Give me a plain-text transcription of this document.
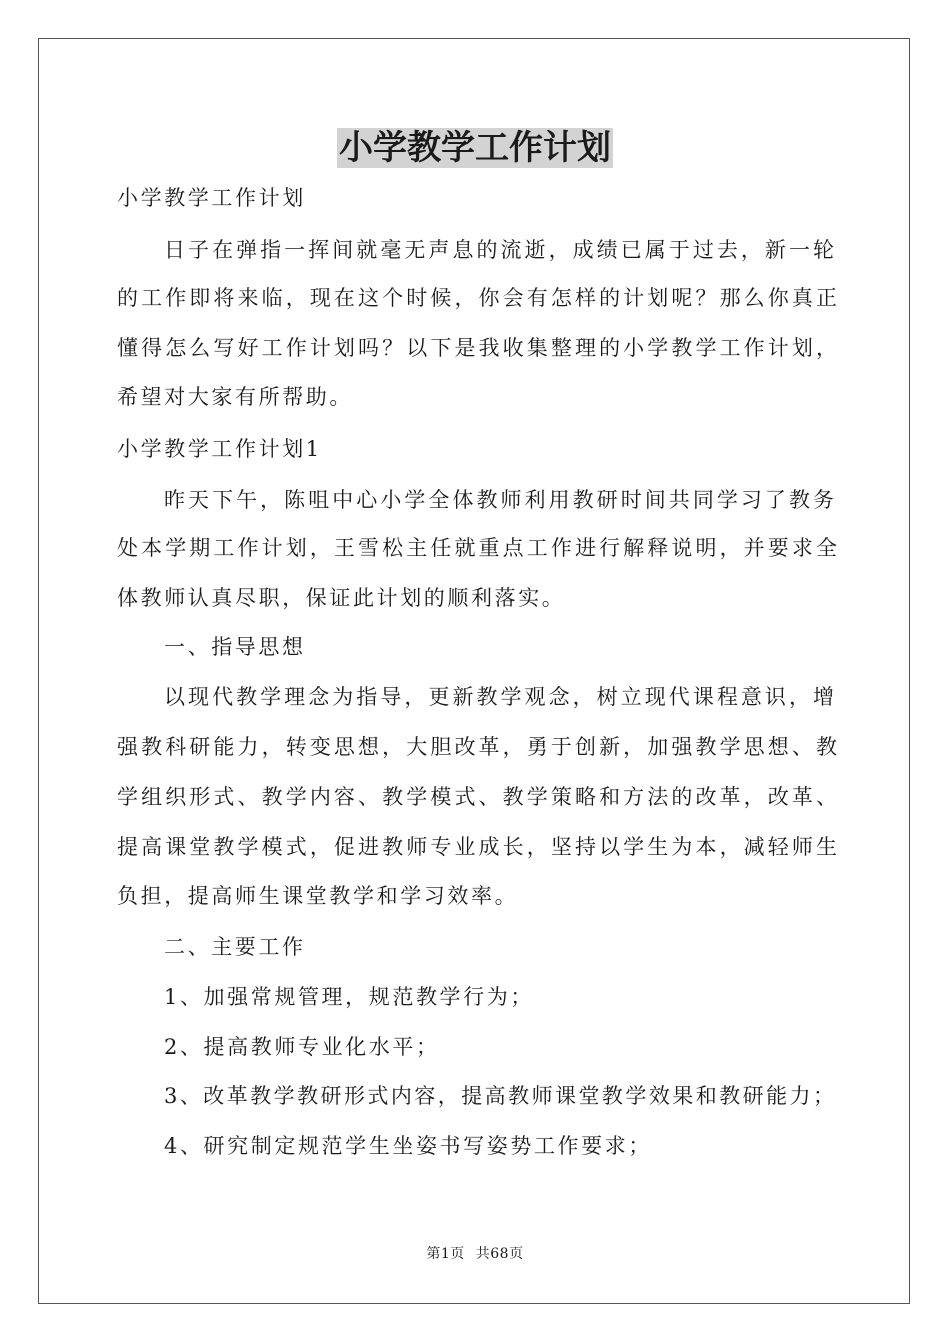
小学教学工作计划
小学教学工作计划
日子在弹指一挥间就毫无声息的流逝，成绩已属于过去，新一轮
的工作即将来临，现在这个时候，你会有怎样的计划呢？那么你真正
懂得怎么写好工作计划吗？以下是我收集整理的小学教学工作计划，
希望对大家有所帮助。
小学教学工作计划1
昨天下午，陈咀中心小学全体教师利用教研时间共同学习了教务
处本学期工作计划，王雪松主任就重点工作进行解释说明，并要求全
体教师认真尽职，保证此计划的顺利落实。
一、指导思想
以现代教学理念为指导，更新教学观念，树立现代课程意识，增
强教科研能力，转变思想，大胆改革，勇于创新，加强教学思想、教
学组织形式、教学内容、教学模式、教学策略和方法的改革，改革、
提高课堂教学模式，促进教师专业成长，坚持以学生为本，减轻师生
负担，提高师生课堂教学和学习效率。
二、主要工作
1、加强常规管理，规范教学行为；
2、提高教师专业化水平；
3、改革教学教研形式内容，提高教师课堂教学效果和教研能力；
4、研究制定规范学生坐姿书写姿势工作要求；
第1页 共68页
